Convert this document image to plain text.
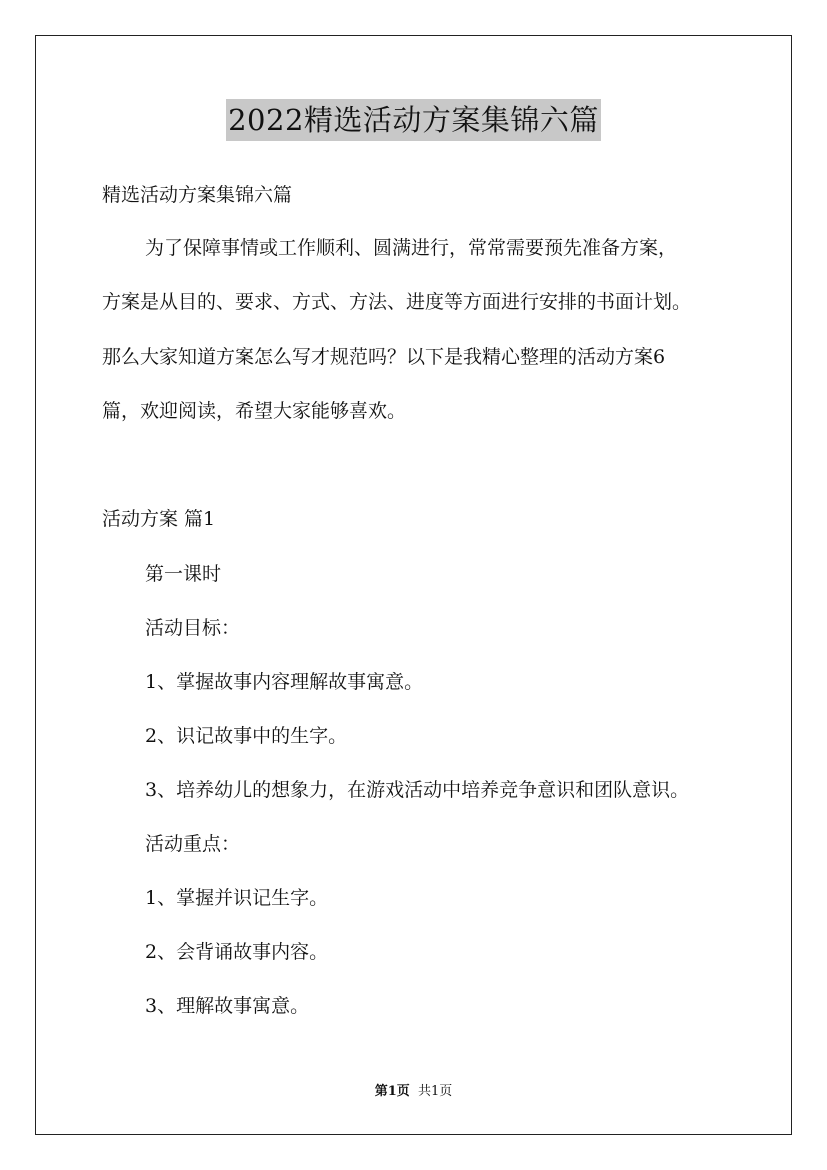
2022精选活动方案集锦六篇
精选活动方案集锦六篇
为了保障事情或工作顺利、圆满进行，常常需要预先准备方案，
方案是从目的、要求、方式、方法、进度等方面进行安排的书面计划。
那么大家知道方案怎么写才规范吗？以下是我精心整理的活动方案6
篇，欢迎阅读，希望大家能够喜欢。
活动方案 篇1
第一课时
活动目标：
1、掌握故事内容理解故事寓意。
2、识记故事中的生字。
3、培养幼儿的想象力，在游戏活动中培养竞争意识和团队意识。
活动重点：
1、掌握并识记生字。
2、会背诵故事内容。
3、理解故事寓意。
第1页 共1页
